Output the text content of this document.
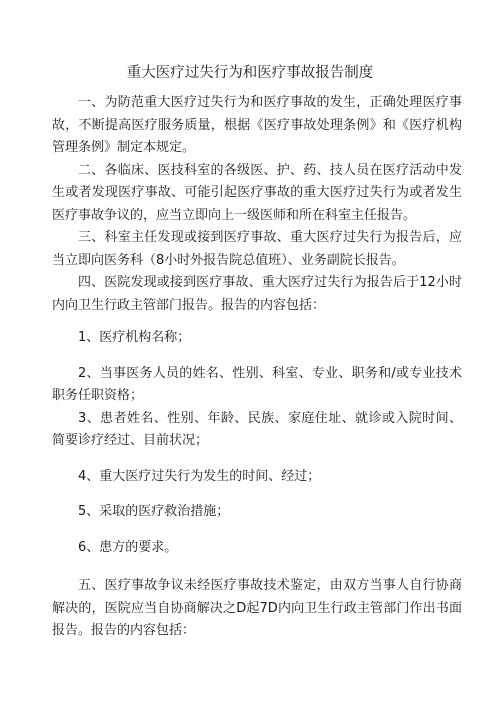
重大医疗过失行为和医疗事故报告制度

一、为防范重大医疗过失行为和医疗事故的发生，正确处理医疗事故，不断提高医疗服务质量，根据《医疗事故处理条例》和《医疗机构管理条例》制定本规定。

二、各临床、医技科室的各级医、护、药、技人员在医疗活动中发生或者发现医疗事故、可能引起医疗事故的重大医疗过失行为或者发生医疗事故争议的，应当立即向上一级医师和所在科室主任报告。

三、科室主任发现或接到医疗事故、重大医疗过失行为报告后，应当立即向医务科（8小时外报告院总值班）、业务副院长报告。

四、医院发现或接到医疗事故、重大医疗过失行为报告后于12小时内向卫生行政主管部门报告。报告的内容包括：

1、医疗机构名称；

2、当事医务人员的姓名、性别、科室、专业、职务和/或专业技术职务任职资格；

3、患者姓名、性别、年龄、民族、家庭住址、就诊或入院时间、简要诊疗经过、目前状况；

4、重大医疗过失行为发生的时间、经过；

5、采取的医疗救治措施；

6、患方的要求。

五、医疗事故争议未经医疗事故技术鉴定，由双方当事人自行协商解决的，医院应当自协商解决之D起7D内向卫生行政主管部门作出书面报告。报告的内容包括：
